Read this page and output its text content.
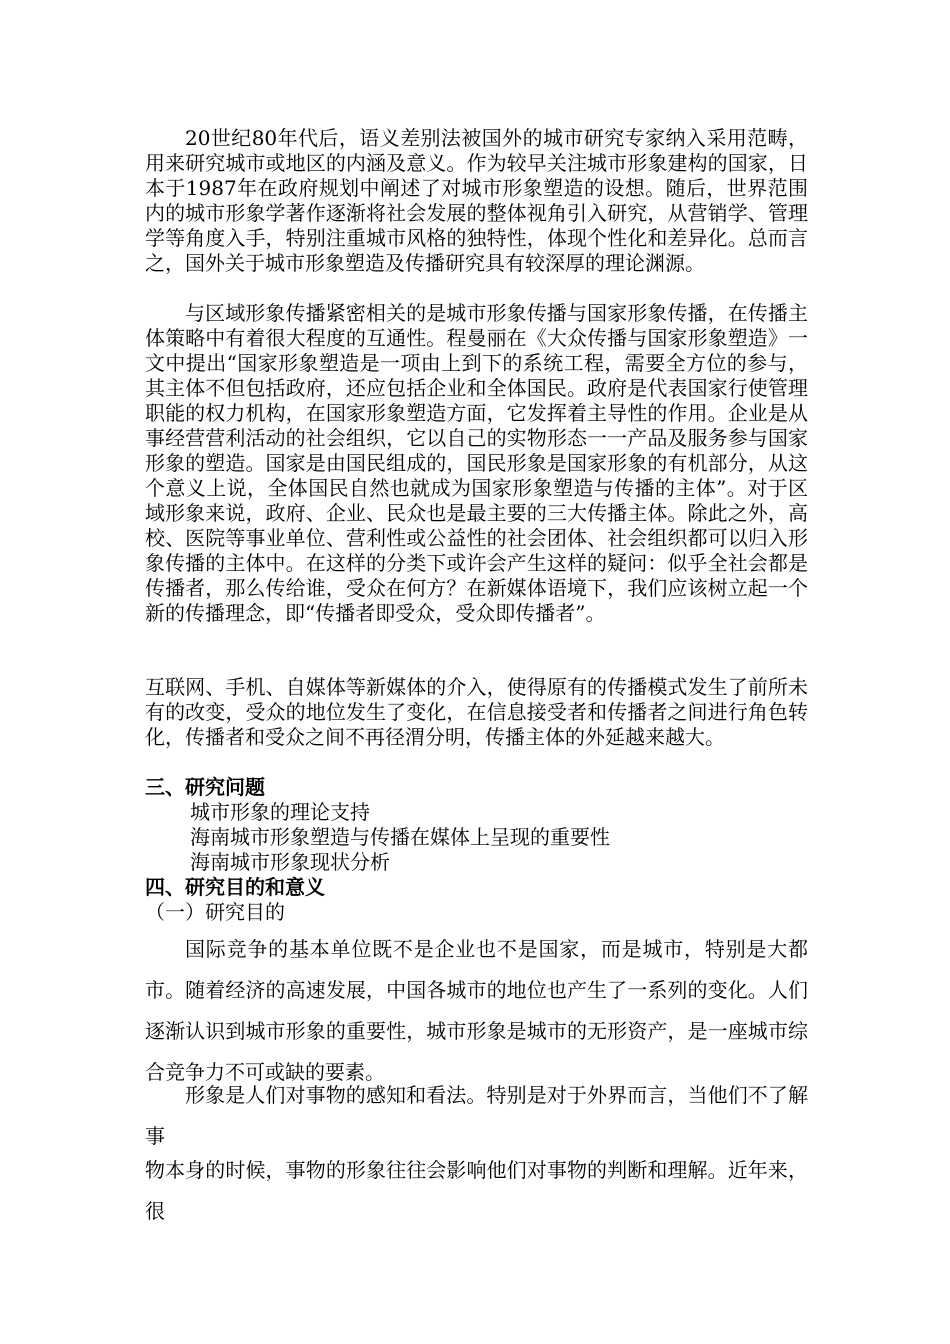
20世纪80年代后，语义差别法被国外的城市研究专家纳入采用范畴，用来研究城市或地区的内涵及意义。作为较早关注城市形象建构的国家，日本于1987年在政府规划中阐述了对城市形象塑造的设想。随后，世界范围内的城市形象学著作逐渐将社会发展的整体视角引入研究，从营销学、管理学等角度入手，特别注重城市风格的独特性，体现个性化和差异化。总而言之，国外关于城市形象塑造及传播研究具有较深厚的理论渊源。

与区域形象传播紧密相关的是城市形象传播与国家形象传播，在传播主体策略中有着很大程度的互通性。程曼丽在《大众传播与国家形象塑造》一文中提出“国家形象塑造是一项由上到下的系统工程，需要全方位的参与，其主体不但包括政府，还应包括企业和全体国民。政府是代表国家行使管理职能的权力机构，在国家形象塑造方面，它发挥着主导性的作用。企业是从事经营营利活动的社会组织，它以自己的实物形态一一产品及服务参与国家形象的塑造。国家是由国民组成的，国民形象是国家形象的有机部分，从这个意义上说，全体国民自然也就成为国家形象塑造与传播的主体”。对于区域形象来说，政府、企业、民众也是最主要的三大传播主体。除此之外，高校、医院等事业单位、营利性或公益性的社会团体、社会组织都可以归入形象传播的主体中。在这样的分类下或许会产生这样的疑问：似乎全社会都是传播者，那么传给谁，受众在何方？在新媒体语境下，我们应该树立起一个新的传播理念，即“传播者即受众，受众即传播者”。

互联网、手机、自媒体等新媒体的介入，使得原有的传播模式发生了前所未有的改变，受众的地位发生了变化，在信息接受者和传播者之间进行角色转化，传播者和受众之间不再径渭分明，传播主体的外延越来越大。

三、研究问题

城市形象的理论支持

海南城市形象塑造与传播在媒体上呈现的重要性

海南城市形象现状分析

四、研究目的和意义

（一）研究目的

国际竞争的基本单位既不是企业也不是国家，而是城市，特别是大都市。随着经济的高速发展，中国各城市的地位也产生了一系列的变化。人们逐渐认识到城市形象的重要性，城市形象是城市的无形资产，是一座城市综合竞争力不可或缺的要素。

形象是人们对事物的感知和看法。特别是对于外界而言，当他们不了解事

物本身的时候，事物的形象往往会影响他们对事物的判断和理解。近年来，很
